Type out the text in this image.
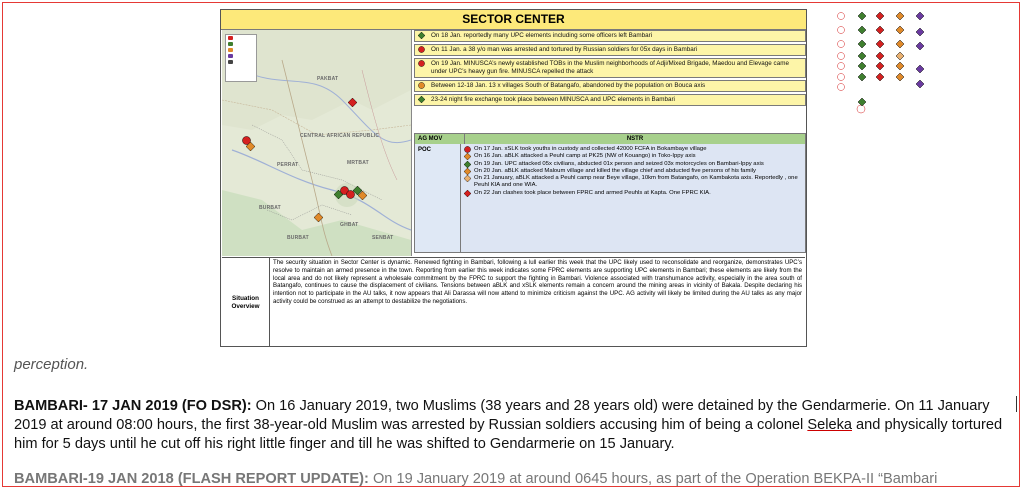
SECTOR CENTER
CENTRAL AFRICAN REPUBLIC
PAKBAT
BURBAT
PERRAT	MRTBAT
GHBAT
BURBAT	SENBAT
On 18 Jan. reportedly many UPC elements including some officers left Bambari
On 11 Jan. a 38 y/o man was arrested and tortured by Russian soldiers for 05x days in Bambari
On 19 Jan. MINUSCA’s newly established TOBs in the Muslim neighborhoods of Adji/Mixed Brigade, Maedou and Elevage came under UPC’s heavy gun fire. MINUSCA repelled the attack
Between 12-18 Jan. 13 x villages South of Batangafo, abandoned by the population on Bouca axis
23-24 night fire exchange took place between MINUSCA and UPC elements in Bambari
AG MOV	NSTR
POC	On 17 Jan. xSLK took youths in custody and collected 42000 FCFA in Bokambaye village
On 16 Jan. aBLK attacked a Peuhl camp at PK25 (NW of Kouango) in Toko-Ippy axis
On 19 Jan. UPC attacked 05x civilians, abducted 01x person and seized 03x motorcycles on Bambari-Ippy axis
On 20 Jan. aBLK attacked Maloum village and killed the village chief and abducted five persons of his family
On 21 January, aBLK attacked a Peuhl camp near Beye village, 10km from Batangafo, on Kambakota axis. Reportedly , one Peuhl KIA and one WIA.
On 22 Jan clashes took place between FPRC and armed Peuhls at Kapta. One FPRC KIA.
Situation Overview
The security situation in Sector Center is dynamic. Renewed fighting in Bambari, following a lull earlier this week that the UPC likely used to reconsolidate and reorganize, demonstrates UPC’s resolve to maintain an armed presence in the town. Reporting from earlier this week indicates some FPRC elements are supporting UPC elements in Bambari; these elements are likely from the local area and do not likely represent a wholesale commitment by the FPRC to support the fighting in Bambari. Violence associated with transhumance activity, especially in the area south of Batangafo, continues to cause the displacement of civilians. Tensions between aBLK and xSLK elements remain a concern around the mining areas in vicinity of Bakala. Despite declaring his intention not to participate in the AU talks, it now appears that Ali Darassa will now attend to minimize criticism against the UPC. AG activity will likely be limited during the AU talks as any major activity could be construed as an attempt to destabilize the negotiations.
perception.
BAMBARI- 17 JAN 2019 (FO DSR): On 16 January 2019, two Muslims (38 years and 28 years old) were detained by the Gendarmerie. On 11 January 2019 at around 08:00 hours, the first 38-year-old Muslim was arrested by Russian soldiers accusing him of being a colonel Seleka and physically tortured him for 5 days until he cut off his right little finger and till he was shifted to Gendarmerie on 15 January.
BAMBARI-19 JAN 2018 (FLASH REPORT UPDATE): On 19 January 2019 at around 0645 hours, as part of the Operation BEKPA-II “Bambari
